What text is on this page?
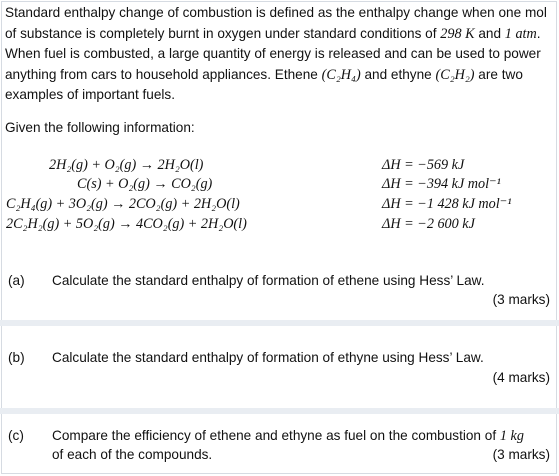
Standard enthalpy change of combustion is defined as the enthalpy change when one mol of substance is completely burnt in oxygen under standard conditions of 298 K and 1 atm. When fuel is combusted, a large quantity of energy is released and can be used to power anything from cars to household appliances. Ethene (C₂H₄) and ethyne (C₂H₂) are two examples of important fuels.
Given the following information:
2H₂(g) + O₂(g) → 2H₂O(l)	ΔH = −569 kJ
C(s) + O₂(g) → CO₂(g)	ΔH = −394 kJ mol⁻¹
C₂H₄(g) + 3O₂(g) → 2CO₂(g) + 2H₂O(l)	ΔH = −1 428 kJ mol⁻¹
2C₂H₂(g) + 5O₂(g) → 4CO₂(g) + 2H₂O(l)	ΔH = −2 600 kJ
(a) Calculate the standard enthalpy of formation of ethene using Hess’ Law.
(3 marks)
(b) Calculate the standard enthalpy of formation of ethyne using Hess’ Law.
(4 marks)
(c) Compare the efficiency of ethene and ethyne as fuel on the combustion of 1 kg
of each of the compounds.	(3 marks)
